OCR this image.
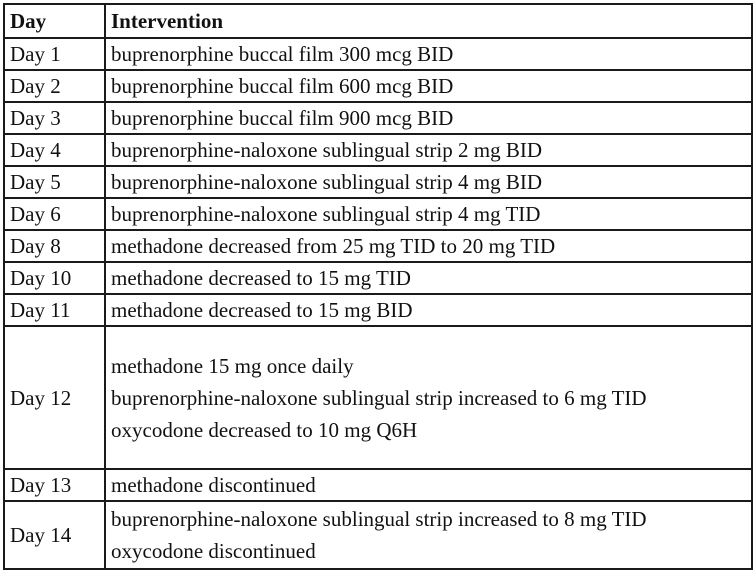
Day	Intervention
Day 1	buprenorphine buccal film 300 mcg BID
Day 2	buprenorphine buccal film 600 mcg BID
Day 3	buprenorphine buccal film 900 mcg BID
Day 4	buprenorphine-naloxone sublingual strip 2 mg BID
Day 5	buprenorphine-naloxone sublingual strip 4 mg BID
Day 6	buprenorphine-naloxone sublingual strip 4 mg TID
Day 8	methadone decreased from 25 mg TID to 20 mg TID
Day 10	methadone decreased to 15 mg TID
Day 11	methadone decreased to 15 mg BID
Day 12	methadone 15 mg once daily
buprenorphine-naloxone sublingual strip increased to 6 mg TID
oxycodone decreased to 10 mg Q6H

Day 13	methadone discontinued
Day 14	buprenorphine-naloxone sublingual strip increased to 8 mg TID
oxycodone discontinued
